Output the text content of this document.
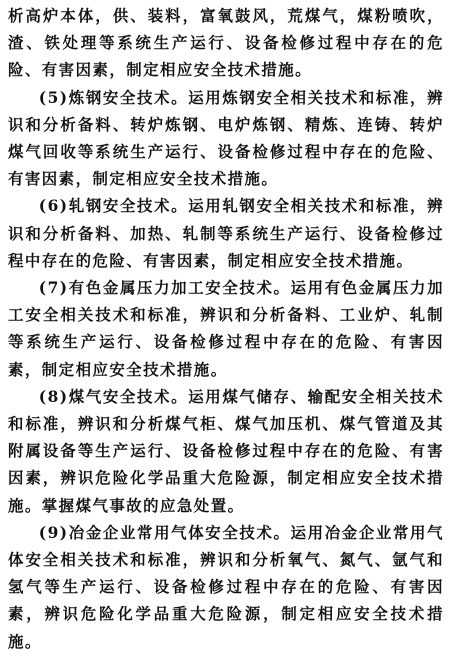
析高炉本体，供、装料，富氧鼓风，荒煤气，煤粉喷吹，渣、铁处理等系统生产运行、设备检修过程中存在的危险、有害因素，制定相应安全技术措施。

(5)炼钢安全技术。运用炼钢安全相关技术和标准，辨识和分析备料、转炉炼钢、电炉炼钢、精炼、连铸、转炉煤气回收等系统生产运行、设备检修过程中存在的危险、有害因素，制定相应安全技术措施。

(6)轧钢安全技术。运用轧钢安全相关技术和标准，辨识和分析备料、加热、轧制等系统生产运行、设备检修过程中存在的危险、有害因素，制定相应安全技术措施。

(7)有色金属压力加工安全技术。运用有色金属压力加工安全相关技术和标准，辨识和分析备料、工业炉、轧制等系统生产运行、设备检修过程中存在的危险、有害因素，制定相应安全技术措施。

(8)煤气安全技术。运用煤气储存、输配安全相关技术和标准，辨识和分析煤气柜、煤气加压机、煤气管道及其附属设备等生产运行、设备检修过程中存在的危险、有害因素，辨识危险化学品重大危险源，制定相应安全技术措施。掌握煤气事故的应急处置。

(9)冶金企业常用气体安全技术。运用冶金企业常用气体安全相关技术和标准，辨识和分析氧气、氮气、氩气和氢气等生产运行、设备检修过程中存在的危险、有害因素，辨识危险化学品重大危险源，制定相应安全技术措施。
